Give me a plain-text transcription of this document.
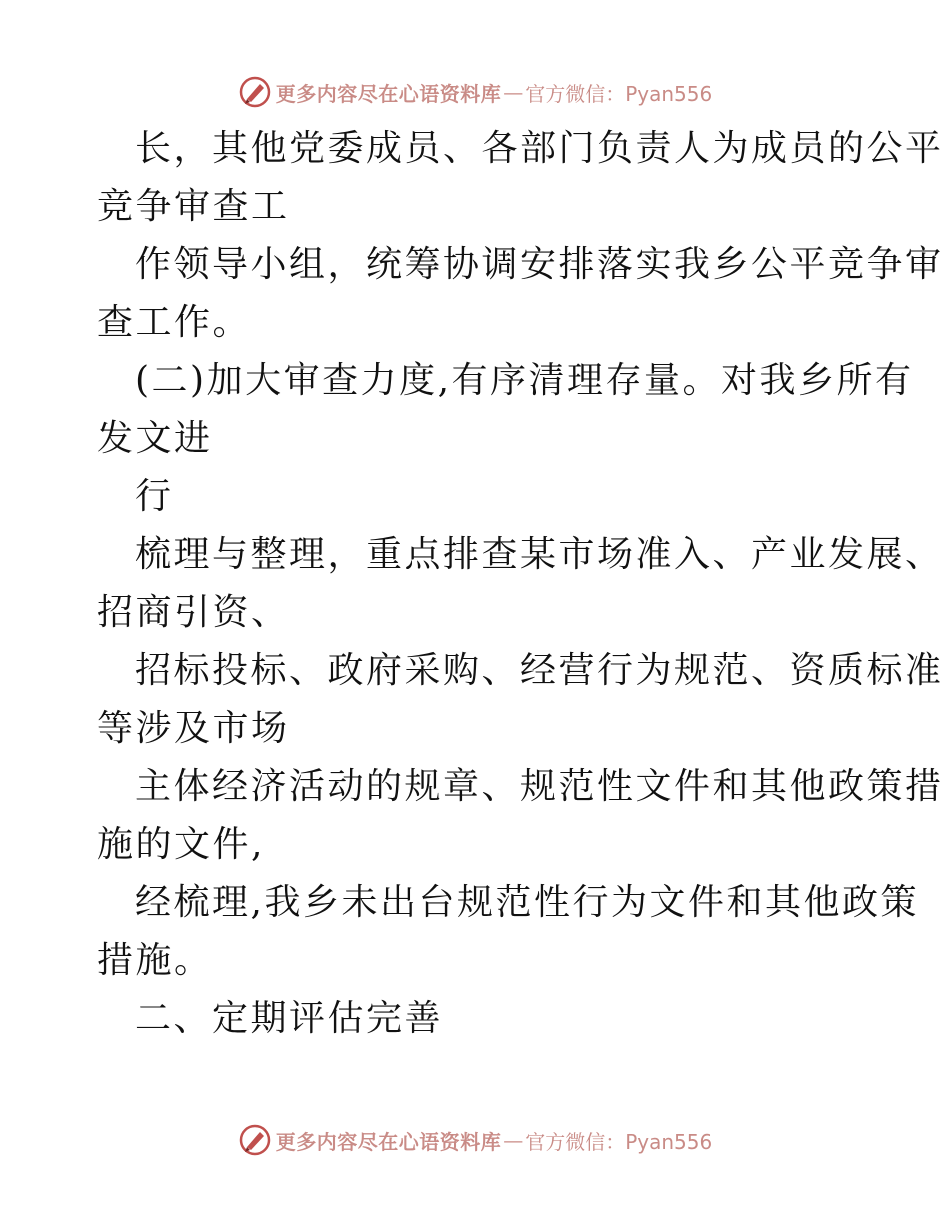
更多内容尽在心语资料库 — 官方微信：Pyan556
长，其他党委成员、各部门负责人为成员的公平
竞争审查工
作领导小组，统筹协调安排落实我乡公平竞争审
查工作。
(二)加大审查力度,有序清理存量。对我乡所有
发文进
行
梳理与整理，重点排查某市场准入、产业发展、
招商引资、
招标投标、政府采购、经营行为规范、资质标准
等涉及市场
主体经济活动的规章、规范性文件和其他政策措
施的文件,
经梳理,我乡未出台规范性行为文件和其他政策
措施。
二、定期评估完善
更多内容尽在心语资料库 — 官方微信：Pyan556
